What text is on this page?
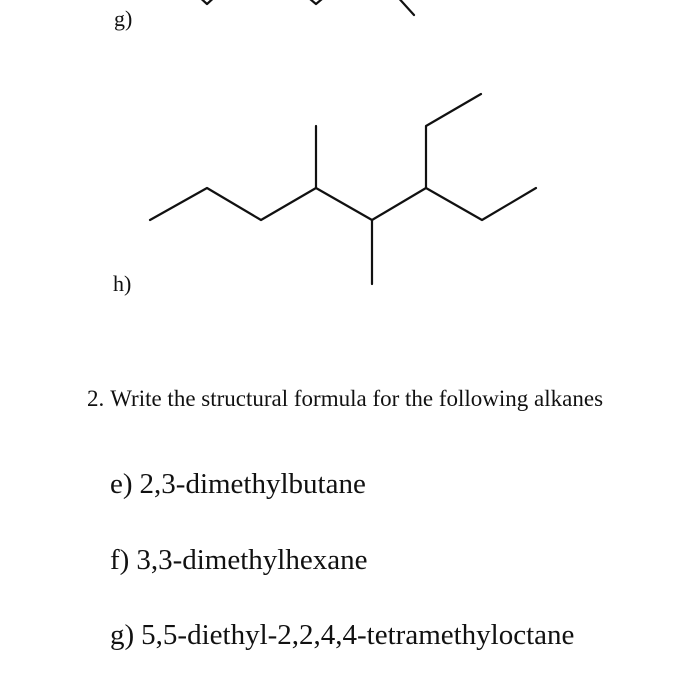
g)
h)
2. Write the structural formula for the following alkanes
e) 2,3-dimethylbutane
f) 3,3-dimethylhexane
g) 5,5-diethyl-2,2,4,4-tetramethyloctane
